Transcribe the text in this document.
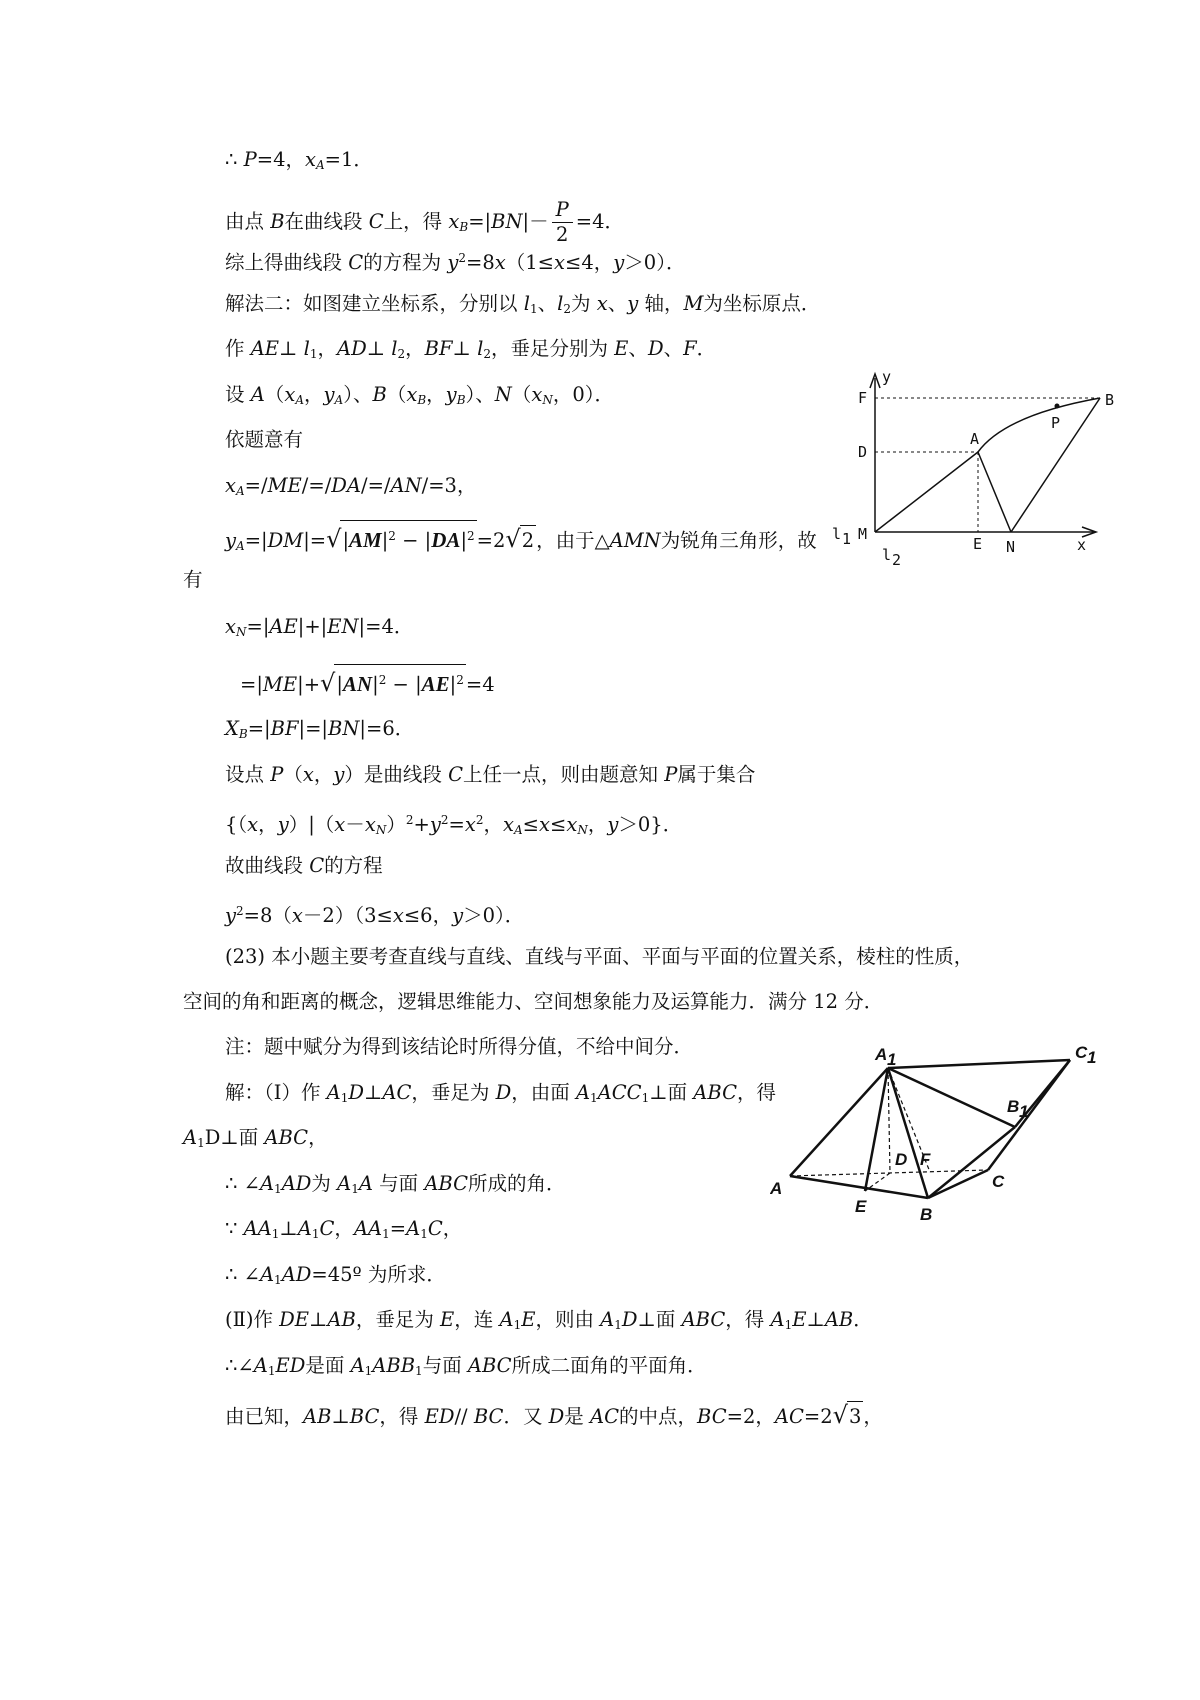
∴ P=4，$x_A=1$．
由点 B在曲线段 C上，得 $x_B=|BN|- \frac{P}{2} =4$．
综上得曲线段 C的方程为 $y^2=8x(1\le x\le 4$，y＞0）．
解法二：如图建立坐标系，分别以 $l_1$、$l_2$为 x、y 轴，M为坐标原点．
作 AE⊥ $l_1$，AD⊥ $l_2$，BF⊥ $l_2$，垂足分别为 E、D、F．
设 $A(x_A$，$y_A$）、$B(x_B$，$y_B$）、$N(x_N$，0）．
依题意有
$x_A=/ME/=/DA/=/AN/=3$，
$y_A=|DM|=√|AM|^2 - |DA|^2 =2√2$ ，由于△AMN为锐角三角形，故
有
$x_N=|AE|+|EN|=4$．
$=|ME|+√|AN|^2 - |AE|^2 =4$
$X_B=|BF|=|BN|=6$．
设点 P（x，y）是曲线段 C上任一点，则由题意知 P属于集合
{（x，$y)|(x-x_N)^2+y^2=x^2$，$x_A\le x\le x_N$，y＞0}．
故曲线段 C的方程
$y^2=8(x-2)(3\le x\le 6$，y＞0）．
(23) 本小题主要考查直线与直线、直线与平面、平面与平面的位置关系，棱柱的性质，
空间的角和距离的概念，逻辑思维能力、空间想象能力及运算能力．满分 12 分．
注：题中赋分为得到该结论时所得分值，不给中间分．
解：（Ⅰ）作 $A_1D\perp AC$，垂足为 D，由面 $A_1ACC_1\perp$面 ABC，得
$A_1D\perp$面 ABC，
∴ $\angle A_1AD$为 $A_1A$ 与面 ABC所成的角．
∵ $AA_1\perp A_1C$，$AA_1=A_1C$，
∴ $\angle A_1AD=45º$ 为所求．
(Ⅱ)作 DE⊥AB，垂足为 E，连 $A_1E$，则由 $A_1D\perp$面 ABC，得 $A_1E\perp AB$．
$\therefore\angle A_1ED$是面 $A_1ABB_1$与面 ABC所成二面角的平面角．
由已知，AB⊥BC，得 ED// BC．又 D是 AC的中点，BC=2，AC=2√3 ，
y
F	B
P
A
D
l 1 M
E N	x
l 2
A 1	C 1
B 1
D F
A	C
E	B
